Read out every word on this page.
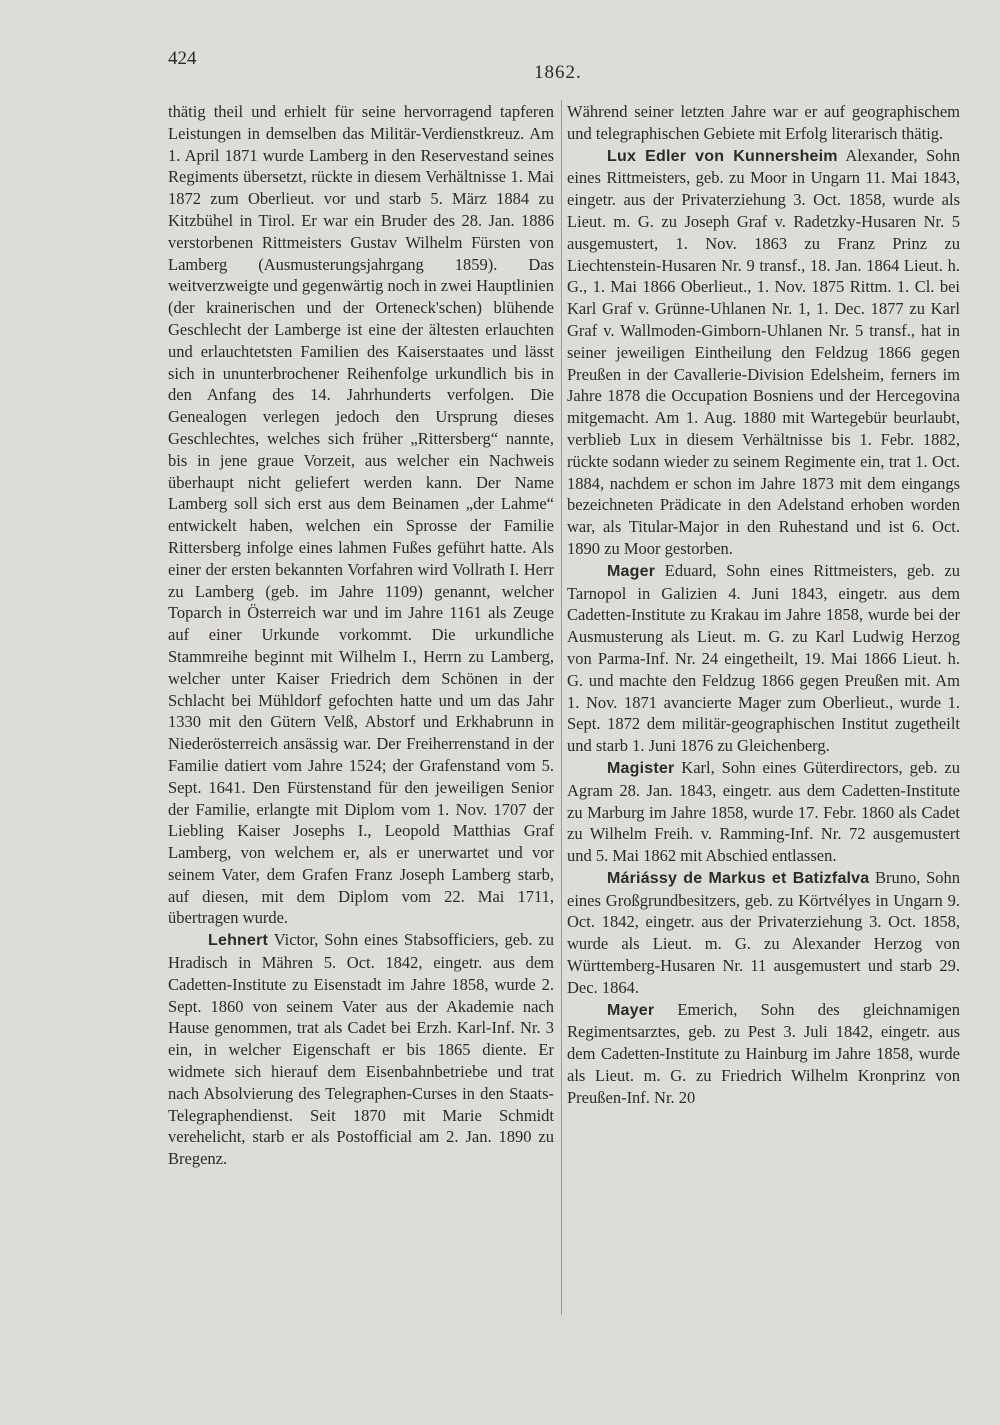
424
1862.

thätig theil und erhielt für seine hervorragend tapferen Leistungen in demselben das Militär-Verdienstkreuz. Am 1. April 1871 wurde Lamberg in den Reservestand seines Regiments übersetzt, rückte in diesem Verhältnisse 1. Mai 1872 zum Oberlieut. vor und starb 5. März 1884 zu Kitzbühel in Tirol. Er war ein Bruder des 28. Jan. 1886 verstorbenen Rittmeisters Gustav Wilhelm Fürsten von Lamberg (Ausmusterungsjahrgang 1859). Das weitverzweigte und gegenwärtig noch in zwei Hauptlinien (der krainerischen und der Orteneck'schen) blühende Geschlecht der Lamberge ist eine der ältesten erlauchten und erlauchtetsten Familien des Kaiserstaates und lässt sich in ununterbrochener Reihenfolge urkundlich bis in den Anfang des 14. Jahrhunderts verfolgen. Die Genealogen verlegen jedoch den Ursprung dieses Geschlechtes, welches sich früher „Rittersberg“ nannte, bis in jene graue Vorzeit, aus welcher ein Nachweis überhaupt nicht geliefert werden kann. Der Name Lamberg soll sich erst aus dem Beinamen „der Lahme“ entwickelt haben, welchen ein Sprosse der Familie Rittersberg infolge eines lahmen Fußes geführt hatte. Als einer der ersten bekannten Vorfahren wird Vollrath I. Herr zu Lamberg (geb. im Jahre 1109) genannt, welcher Toparch in Österreich war und im Jahre 1161 als Zeuge auf einer Urkunde vorkommt. Die urkundliche Stammreihe beginnt mit Wilhelm I., Herrn zu Lamberg, welcher unter Kaiser Friedrich dem Schönen in der Schlacht bei Mühldorf gefochten hatte und um das Jahr 1330 mit den Gütern Velß, Abstorf und Erkhabrunn in Niederösterreich ansässig war. Der Freiherrenstand in der Familie datiert vom Jahre 1524; der Grafenstand vom 5. Sept. 1641. Den Fürstenstand für den jeweiligen Senior der Familie, erlangte mit Diplom vom 1. Nov. 1707 der Liebling Kaiser Josephs I., Leopold Matthias Graf Lamberg, von welchem er, als er unerwartet und vor seinem Vater, dem Grafen Franz Joseph Lamberg starb, auf diesen, mit dem Diplom vom 22. Mai 1711, übertragen wurde.

Lehnert Victor, Sohn eines Stabsofficiers, geb. zu Hradisch in Mähren 5. Oct. 1842, eingetr. aus dem Cadetten-Institute zu Eisenstadt im Jahre 1858, wurde 2. Sept. 1860 von seinem Vater aus der Akademie nach Hause genommen, trat als Cadet bei Erzh. Karl-Inf. Nr. 3 ein, in welcher Eigenschaft er bis 1865 diente. Er widmete sich hierauf dem Eisenbahnbetriebe und trat nach Absolvierung des Telegraphen-Curses in den Staats-Telegraphendienst. Seit 1870 mit Marie Schmidt verehelicht, starb er als Postofficial am 2. Jan. 1890 zu Bregenz.

Während seiner letzten Jahre war er auf geographischem und telegraphischen Gebiete mit Erfolg literarisch thätig.

Lux Edler von Kunnersheim Alexander, Sohn eines Rittmeisters, geb. zu Moor in Ungarn 11. Mai 1843, eingetr. aus der Privaterziehung 3. Oct. 1858, wurde als Lieut. m. G. zu Joseph Graf v. Radetzky-Husaren Nr. 5 ausgemustert, 1. Nov. 1863 zu Franz Prinz zu Liechtenstein-Husaren Nr. 9 transf., 18. Jan. 1864 Lieut. h. G., 1. Mai 1866 Oberlieut., 1. Nov. 1875 Rittm. 1. Cl. bei Karl Graf v. Grünne-Uhlanen Nr. 1, 1. Dec. 1877 zu Karl Graf v. Wallmoden-Gimborn-Uhlanen Nr. 5 transf., hat in seiner jeweiligen Eintheilung den Feldzug 1866 gegen Preußen in der Cavallerie-Division Edelsheim, ferners im Jahre 1878 die Occupation Bosniens und der Hercegovina mitgemacht. Am 1. Aug. 1880 mit Wartegebür beurlaubt, verblieb Lux in diesem Verhältnisse bis 1. Febr. 1882, rückte sodann wieder zu seinem Regimente ein, trat 1. Oct. 1884, nachdem er schon im Jahre 1873 mit dem eingangs bezeichneten Prädicate in den Adelstand erhoben worden war, als Titular-Major in den Ruhestand und ist 6. Oct. 1890 zu Moor gestorben.

Mager Eduard, Sohn eines Rittmeisters, geb. zu Tarnopol in Galizien 4. Juni 1843, eingetr. aus dem Cadetten-Institute zu Krakau im Jahre 1858, wurde bei der Ausmusterung als Lieut. m. G. zu Karl Ludwig Herzog von Parma-Inf. Nr. 24 eingetheilt, 19. Mai 1866 Lieut. h. G. und machte den Feldzug 1866 gegen Preußen mit. Am 1. Nov. 1871 avancierte Mager zum Oberlieut., wurde 1. Sept. 1872 dem militär-geographischen Institut zugetheilt und starb 1. Juni 1876 zu Gleichenberg.

Magister Karl, Sohn eines Güterdirectors, geb. zu Agram 28. Jan. 1843, eingetr. aus dem Cadetten-Institute zu Marburg im Jahre 1858, wurde 17. Febr. 1860 als Cadet zu Wilhelm Freih. v. Ramming-Inf. Nr. 72 ausgemustert und 5. Mai 1862 mit Abschied entlassen.

Máriássy de Markus et Batizfalva Bruno, Sohn eines Großgrundbesitzers, geb. zu Körtvélyes in Ungarn 9. Oct. 1842, eingetr. aus der Privaterziehung 3. Oct. 1858, wurde als Lieut. m. G. zu Alexander Herzog von Württemberg-Husaren Nr. 11 ausgemustert und starb 29. Dec. 1864.

Mayer Emerich, Sohn des gleichnamigen Regimentsarztes, geb. zu Pest 3. Juli 1842, eingetr. aus dem Cadetten-Institute zu Hainburg im Jahre 1858, wurde als Lieut. m. G. zu Friedrich Wilhelm Kronprinz von Preußen-Inf. Nr. 20
